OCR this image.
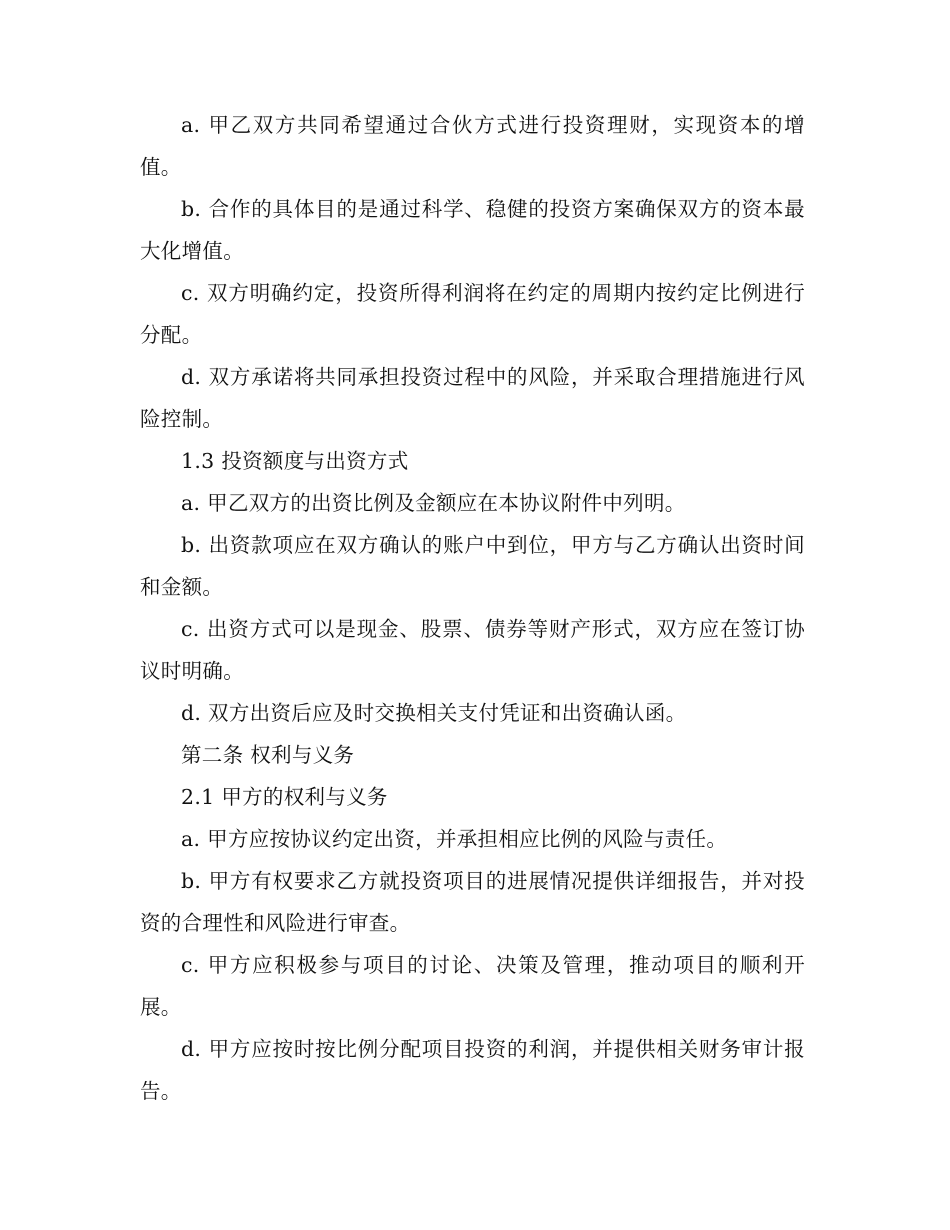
a. 甲乙双方共同希望通过合伙方式进行投资理财，实现资本的增值。

b. 合作的具体目的是通过科学、稳健的投资方案确保双方的资本最大化增值。

c. 双方明确约定，投资所得利润将在约定的周期内按约定比例进行分配。

d. 双方承诺将共同承担投资过程中的风险，并采取合理措施进行风险控制。

1.3 投资额度与出资方式

a. 甲乙双方的出资比例及金额应在本协议附件中列明。

b. 出资款项应在双方确认的账户中到位，甲方与乙方确认出资时间和金额。

c. 出资方式可以是现金、股票、债券等财产形式，双方应在签订协议时明确。

d. 双方出资后应及时交换相关支付凭证和出资确认函。

第二条 权利与义务

2.1 甲方的权利与义务

a. 甲方应按协议约定出资，并承担相应比例的风险与责任。

b. 甲方有权要求乙方就投资项目的进展情况提供详细报告，并对投资的合理性和风险进行审查。

c. 甲方应积极参与项目的讨论、决策及管理，推动项目的顺利开展。

d. 甲方应按时按比例分配项目投资的利润，并提供相关财务审计报告。
